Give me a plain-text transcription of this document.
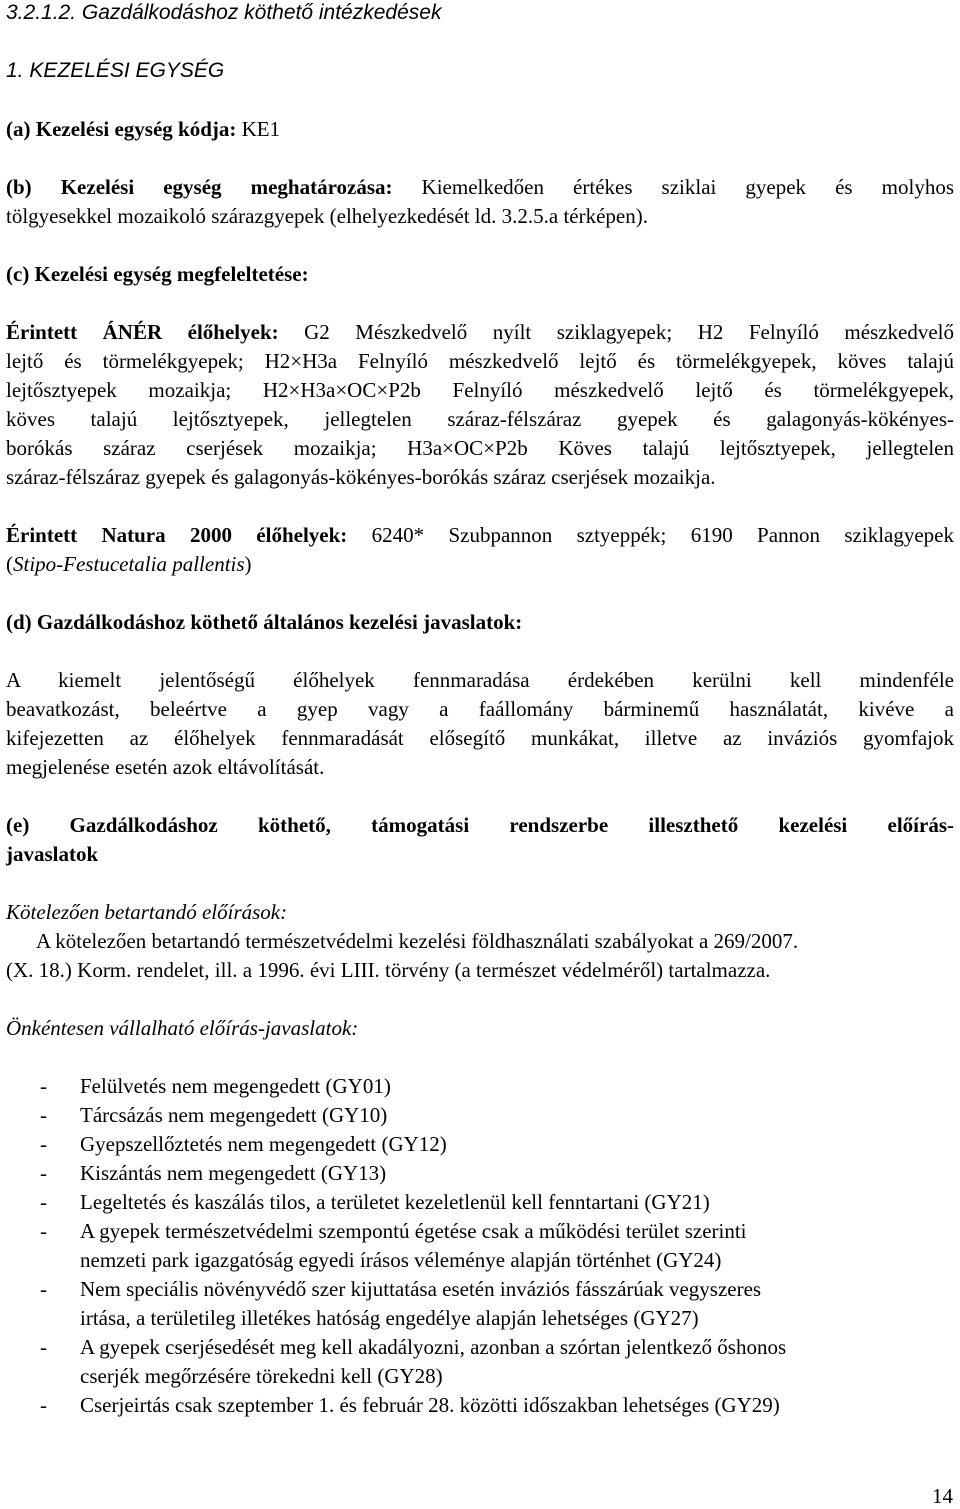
3.2.1.2. Gazdálkodáshoz köthető intézkedések
1. KEZELÉSI EGYSÉG
(a) Kezelési egység kódja: KE1
(b) Kezelési egység meghatározása: Kiemelkedően értékes sziklai gyepek és molyhos
tölgyesekkel mozaikoló szárazgyepek (elhelyezkedését ld. 3.2.5.a térképen).
(c) Kezelési egység megfeleltetése:
Érintett ÁNÉR élőhelyek: G2 Mészkedvelő nyílt sziklagyepek; H2 Felnyíló mészkedvelő
lejtő és törmelékgyepek; H2×H3a Felnyíló mészkedvelő lejtő és törmelékgyepek, köves talajú
lejtősztyepek mozaikja; H2×H3a×OC×P2b Felnyíló mészkedvelő lejtő és törmelékgyepek,
köves talajú lejtősztyepek, jellegtelen száraz-félszáraz gyepek és galagonyás-kökényes-
borókás száraz cserjések mozaikja; H3a×OC×P2b Köves talajú lejtősztyepek, jellegtelen
száraz-félszáraz gyepek és galagonyás-kökényes-borókás száraz cserjések mozaikja.
Érintett Natura 2000 élőhelyek: 6240* Szubpannon sztyeppék; 6190 Pannon sziklagyepek
(Stipo-Festucetalia pallentis)
(d) Gazdálkodáshoz köthető általános kezelési javaslatok:
A kiemelt jelentőségű élőhelyek fennmaradása érdekében kerülni kell mindenféle
beavatkozást, beleértve a gyep vagy a faállomány bárminemű használatát, kivéve a
kifejezetten az élőhelyek fennmaradását elősegítő munkákat, illetve az inváziós gyomfajok
megjelenése esetén azok eltávolítását.
(e) Gazdálkodáshoz köthető, támogatási rendszerbe illeszthető kezelési előírás-
javaslatok
Kötelezően betartandó előírások:
A kötelezően betartandó természetvédelmi kezelési földhasználati szabályokat a 269/2007.
(X. 18.) Korm. rendelet, ill. a 1996. évi LIII. törvény (a természet védelméről) tartalmazza.
Önkéntesen vállalható előírás-javaslatok:
- Felülvetés nem megengedett (GY01)
- Tárcsázás nem megengedett (GY10)
- Gyepszellőztetés nem megengedett (GY12)
- Kiszántás nem megengedett (GY13)
- Legeltetés és kaszálás tilos, a területet kezeletlenül kell fenntartani (GY21)
- A gyepek természetvédelmi szempontú égetése csak a működési terület szerinti
nemzeti park igazgatóság egyedi írásos véleménye alapján történhet (GY24)
- Nem speciális növényvédő szer kijuttatása esetén inváziós fásszárúak vegyszeres
irtása, a területileg illetékes hatóság engedélye alapján lehetséges (GY27)
- A gyepek cserjésedését meg kell akadályozni, azonban a szórtan jelentkező őshonos
cserjék megőrzésére törekedni kell (GY28)
- Cserjeirtás csak szeptember 1. és február 28. közötti időszakban lehetséges (GY29)
14
